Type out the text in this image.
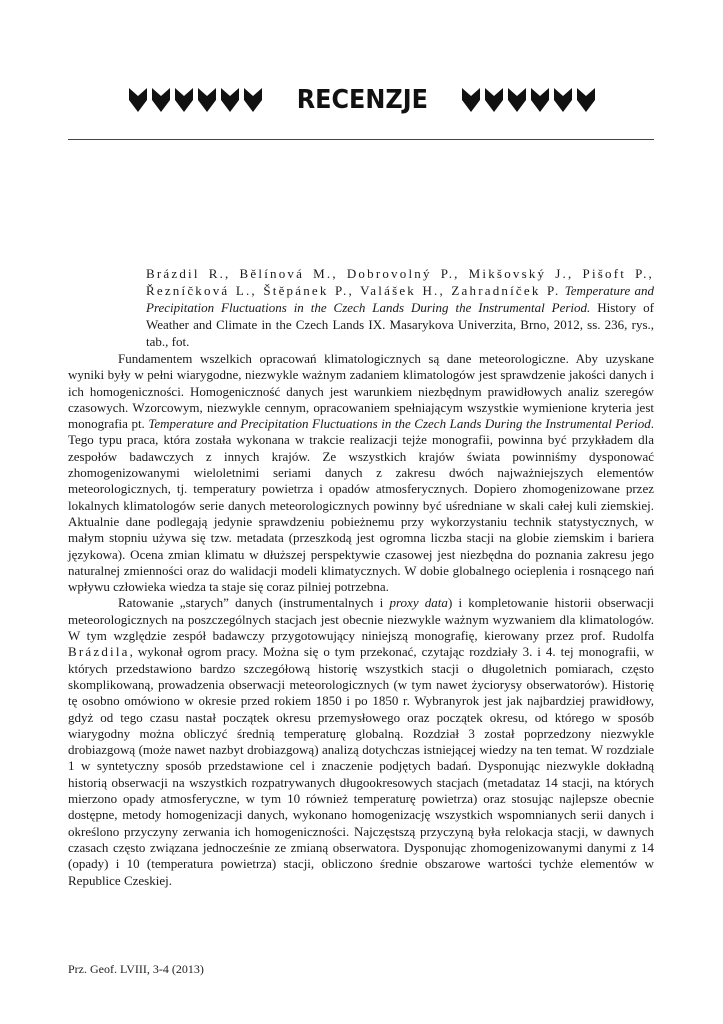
RECENZJE
Brázdil R., Bělínová M., Dobrovolný P., Mikšovský J., Pišoft P., Řezníčková L., Štěpánek P., Valášek H., Zahradníček P. Temperature and Precipitation Fluctuations in the Czech Lands During the Instrumental Period. History of Weather and Climate in the Czech Lands IX. Masarykova Univerzita, Brno, 2012, ss. 236, rys., tab., fot.

Fundamentem wszelkich opracowań klimatologicznych są dane meteorologiczne. Aby uzyskane wyniki były w pełni wiarygodne, niezwykle ważnym zadaniem klimatologów jest sprawdzenie jakości danych i ich homogeniczności. Homogeniczność danych jest warunkiem niezbędnym prawidłowych analiz szeregów czasowych. Wzorcowym, niezwykle cennym, opracowaniem spełniającym wszystkie wymienione kryteria jest monografia pt. Temperature and Precipitation Fluctuations in the Czech Lands During the Instrumental Period. Tego typu praca, która została wykonana w trakcie realizacji tejże monografii, powinna być przykładem dla zespołów badawczych z innych krajów. Ze wszystkich krajów świata powinniśmy dysponować zhomogenizowanymi wieloletnimi seriami danych z zakresu dwóch najważniejszych elementów meteorologicznych, tj. temperatury powietrza i opadów atmosferycznych. Dopiero zhomogenizowane przez lokalnych klimatologów serie danych meteorologicznych powinny być uśredniane w skali całej kuli ziemskiej. Aktualnie dane podlegają jedynie sprawdzeniu pobieżnemu przy wykorzystaniu technik statystycznych, w małym stopniu używa się tzw. metadata (przeszkodą jest ogromna liczba stacji na globie ziemskim i bariera językowa). Ocena zmian klimatu w dłuższej perspektywie czasowej jest niezbędna do poznania zakresu jego naturalnej zmienności oraz do walidacji modeli klimatycznych. W dobie globalnego ocieplenia i rosnącego nań wpływu człowieka wiedza ta staje się coraz pilniej potrzebna.

Ratowanie „starych” danych (instrumentalnych i proxy data) i kompletowanie historii obserwacji meteorologicznych na poszczególnych stacjach jest obecnie niezwykle ważnym wyzwaniem dla klimatologów. W tym względzie zespół badawczy przygotowujący niniejszą monografię, kierowany przez prof. Rudolfa Brázdila, wykonał ogrom pracy. Można się o tym przekonać, czytając rozdziały 3. i 4. tej monografii, w których przedstawiono bardzo szczegółową historię wszystkich stacji o długoletnich pomiarach, często skomplikowaną, prowadzenia obserwacji meteorologicznych (w tym nawet życiorysy obserwatorów). Historię tę osobno omówiono w okresie przed rokiem 1850 i po 1850 r. Wybranyrok jest jak najbardziej prawidłowy, gdyż od tego czasu nastał początek okresu przemysłowego oraz początek okresu, od którego w sposób wiarygodny można obliczyć średnią temperaturę globalną. Rozdział 3 został poprzedzony niezwykle drobiazgową (może nawet nazbyt drobiazgową) analizą dotychczas istniejącej wiedzy na ten temat. W rozdziale 1 w syntetyczny sposób przedstawione cel i znaczenie podjętych badań. Dysponując niezwykle dokładną historią obserwacji na wszystkich rozpatrywanych długookresowych stacjach (metadataz 14 stacji, na których mierzono opady atmosferyczne, w tym 10 również temperaturę powietrza) oraz stosując najlepsze obecnie dostępne, metody homogenizacji danych, wykonano homogenizację wszystkich wspomnianych serii danych i określono przyczyny zerwania ich homogeniczności. Najczęstszą przyczyną była relokacja stacji, w dawnych czasach często związana jednocześnie ze zmianą obserwatora. Dysponując zhomogenizowanymi danymi z 14 (opady) i 10 (temperatura powietrza) stacji, obliczono średnie obszarowe wartości tychże elementów w Republice Czeskiej.

Prz. Geof. LVIII, 3-4 (2013)
